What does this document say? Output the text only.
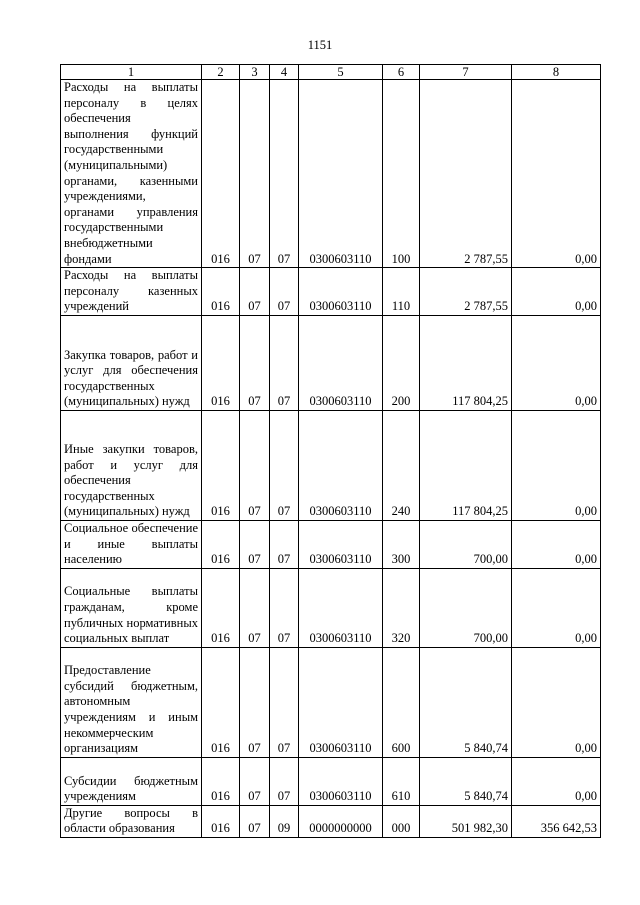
1151
1	2	3	4	5	6	7	8
Расходы на выплаты персоналу в целях обеспечения выполнения функций государственными (муниципальными) органами, казенными учреждениями, органами управления государственными внебюджетными фондами	016	07	07	0300603110	100	2 787,55	0,00
Расходы на выплаты персоналу казенных учреждений	016	07	07	0300603110	110	2 787,55	0,00
Закупка товаров, работ и услуг для обеспечения государственных (муниципальных) нужд	016	07	07	0300603110	200	117 804,25	0,00
Иные закупки товаров, работ и услуг для обеспечения государственных (муниципальных) нужд	016	07	07	0300603110	240	117 804,25	0,00
Социальное обеспечение и иные выплаты населению	016	07	07	0300603110	300	700,00	0,00
Социальные выплаты гражданам, кроме публичных нормативных социальных выплат	016	07	07	0300603110	320	700,00	0,00
Предоставление субсидий бюджетным, автономным учреждениям и иным некоммерческим организациям	016	07	07	0300603110	600	5 840,74	0,00
Субсидии бюджетным учреждениям	016	07	07	0300603110	610	5 840,74	0,00
Другие вопросы в области образования	016	07	09	0000000000	000	501 982,30	356 642,53
